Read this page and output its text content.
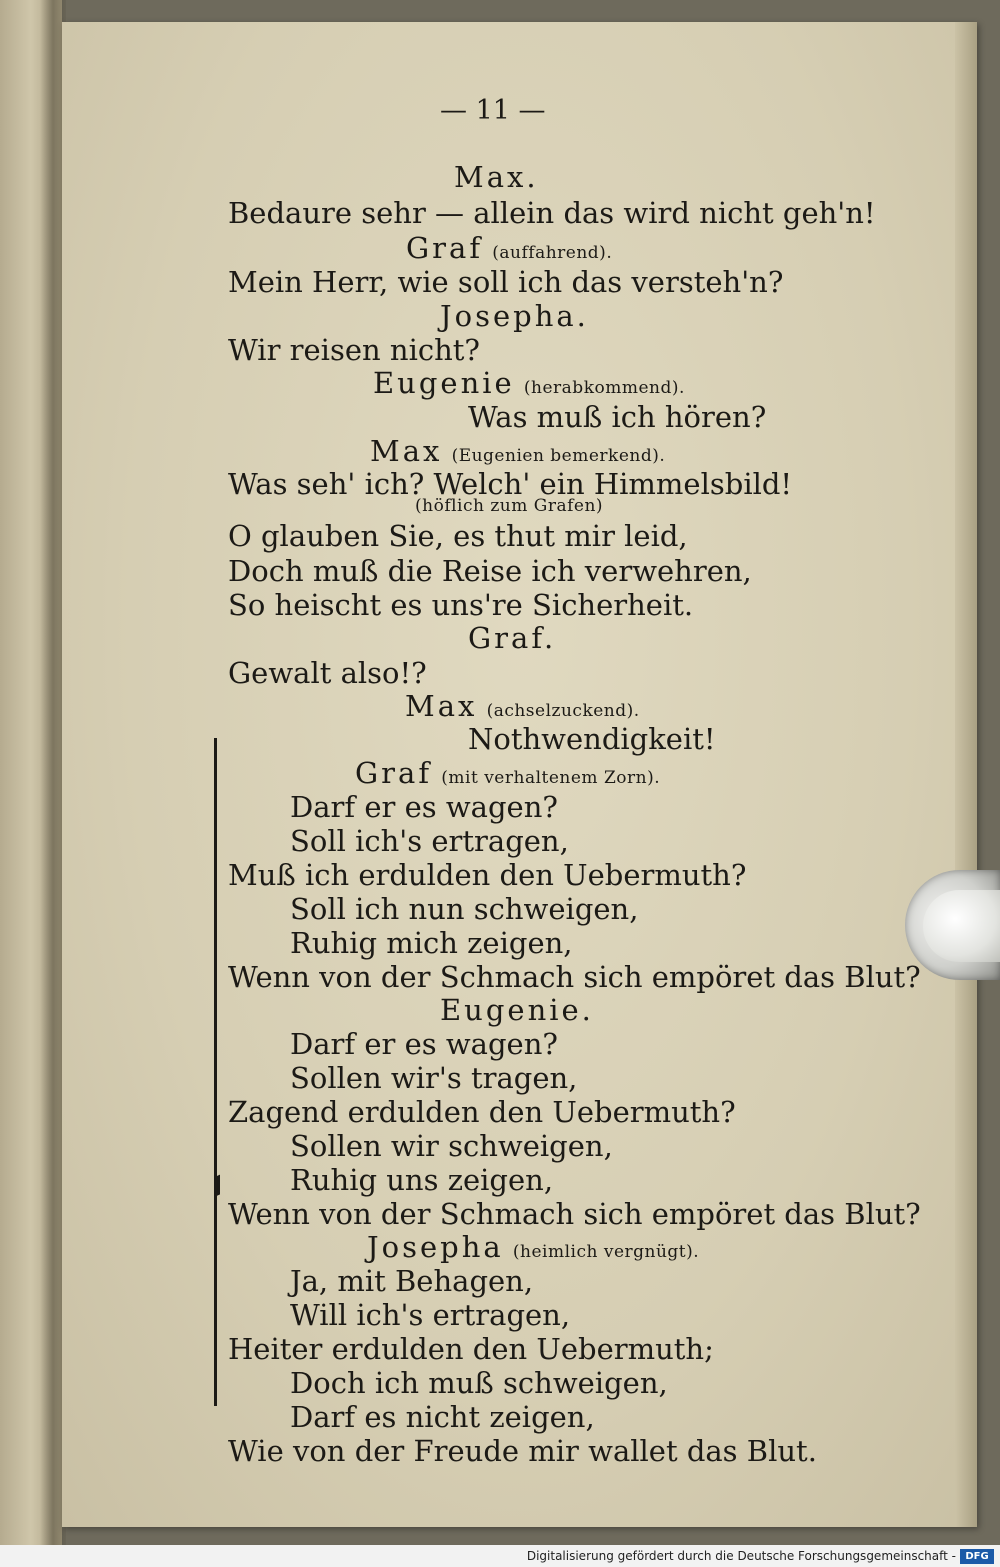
— 11 —
Max.
Bedaure sehr — allein das wird nicht geh'n!
Graf (auffahrend).
Mein Herr, wie soll ich das versteh'n?
Josepha.
Wir reisen nicht?
Eugenie (herabkommend).
Was muß ich hören?
Max (Eugenien bemerkend).
Was seh' ich? Welch' ein Himmelsbild!
(höflich zum Grafen)
O glauben Sie, es thut mir leid,
Doch muß die Reise ich verwehren,
So heischt es uns're Sicherheit.
Graf.
Gewalt also!?
Max (achselzuckend).
Nothwendigkeit!
Graf (mit verhaltenem Zorn).
Darf er es wagen?
Soll ich's ertragen,
Muß ich erdulden den Uebermuth?
Soll ich nun schweigen,
Ruhig mich zeigen,
Wenn von der Schmach sich empöret das Blut?
Eugenie.
Darf er es wagen?
Sollen wir's tragen,
Zagend erdulden den Uebermuth?
Sollen wir schweigen,
Ruhig uns zeigen,
Wenn von der Schmach sich empöret das Blut?
Josepha (heimlich vergnügt).
Ja, mit Behagen,
Will ich's ertragen,
Heiter erdulden den Uebermuth;
Doch ich muß schweigen,
Darf es nicht zeigen,
Wie von der Freude mir wallet das Blut.
Digitalisierung gefördert durch die Deutsche Forschungsgemeinschaft - DFG
